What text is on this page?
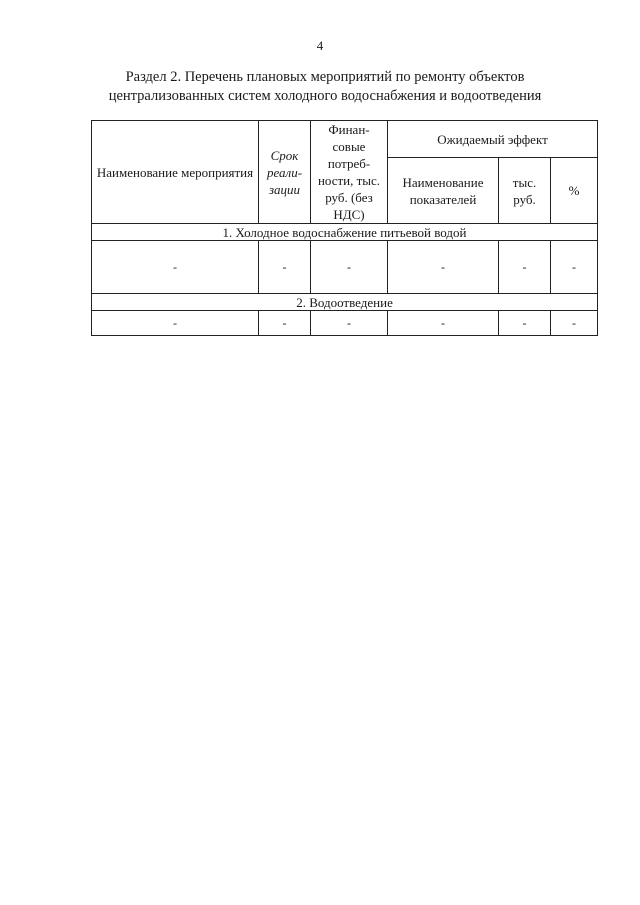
4
Раздел 2. Перечень плановых мероприятий по ремонту объектов
централизованных систем холодного водоснабжения и водоотведения
Наименование мероприятия	Срок реали-зации	Финан-совые потреб-ности, тыс. руб. (без НДС)	Ожидаемый эффект		
			Наименование показателей	тыс. руб.	%
1. Холодное водоснабжение питьевой водой					
-	-	-	-	-	-
2. Водоотведение					
-	-	-	-	-	-
